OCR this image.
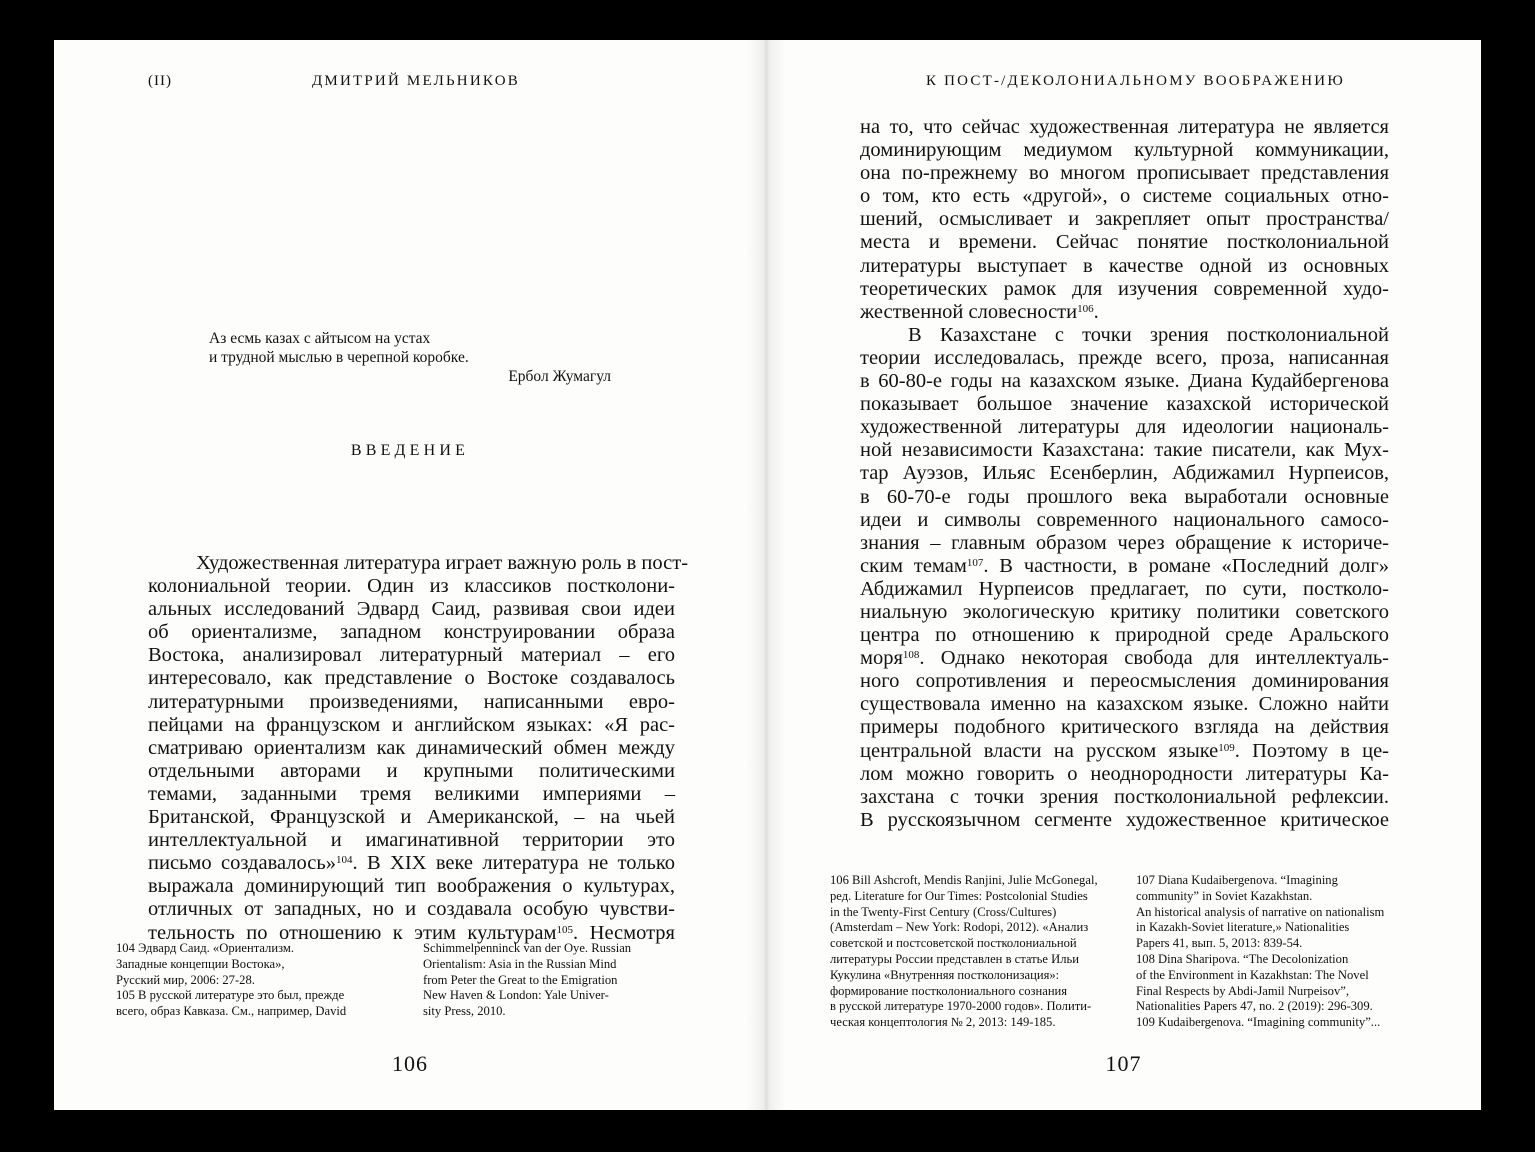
(II)	ДМИТРИЙ МЕЛЬНИКОВ
Аз есмь казах с айтысом на устах
и трудной мыслью в черепной коробке.
Ербол Жумагул
ВВЕДЕНИЕ
Художественная литература играет важную роль в пост-
колониальной теории. Один из классиков постколони-
альных исследований Эдвард Саид, развивая свои идеи
об ориентализме, западном конструировании образа
Востока, анализировал литературный материал – его
интересовало, как представление о Востоке создавалось
литературными произведениями, написанными евро-
пейцами на французском и английском языках: «Я рас-
сматриваю ориентализм как динамический обмен между
отдельными авторами и крупными политическими
темами, заданными тремя великими империями –
Британской, Французской и Американской, – на чьей
интеллектуальной и имагинативной территории это
письмо создавалось»$^{104}$. В XIX веке литература не только
выражала доминирующий тип воображения о культурах,
отличных от западных, но и создавала особую чувстви-
тельность по отношению к этим культурам$^{105}$. Несмотря
104 Эдвард Саид. «Ориентализм.
Западные концепции Востока»,
Русский мир, 2006: 27-28.
105 В русской литературе это был, прежде
всего, образ Кавказа. См., например, David
Schimmelpenninck van der Oye. Russian
Orientalism: Asia in the Russian Mind
from Peter the Great to the Emigration
New Haven & London: Yale Univer-
sity Press, 2010.
106
К ПОСТ-/ДЕКОЛОНИАЛЬНОМУ ВООБРАЖЕНИЮ
на то, что сейчас художественная литература не является
доминирующим медиумом культурной коммуникации,
она по-прежнему во многом прописывает представления
о том, кто есть «другой», о системе социальных отно-
шений, осмысливает и закрепляет опыт пространства/
места и времени. Сейчас понятие постколониальной
литературы выступает в качестве одной из основных
теоретических рамок для изучения современной худо-
жественной словесности$^{106}$.
В Казахстане с точки зрения постколониальной
теории исследовалась, прежде всего, проза, написанная
в 60-80-е годы на казахском языке. Диана Кудайбергенова
показывает большое значение казахской исторической
художественной литературы для идеологии националь-
ной независимости Казахстана: такие писатели, как Мух-
тар Ауэзов, Ильяс Есенберлин, Абдижамил Нурпеисов,
в 60-70-е годы прошлого века выработали основные
идеи и символы современного национального самосо-
знания – главным образом через обращение к историче-
ским темам$^{107}$. В частности, в романе «Последний долг»
Абдижамил Нурпеисов предлагает, по сути, постколо-
ниальную экологическую критику политики советского
центра по отношению к природной среде Аральского
моря$^{108}$. Однако некоторая свобода для интеллектуаль-
ного сопротивления и переосмысления доминирования
существовала именно на казахском языке. Сложно найти
примеры подобного критического взгляда на действия
центральной власти на русском языке$^{109}$. Поэтому в це-
лом можно говорить о неоднородности литературы Ка-
захстана с точки зрения постколониальной рефлексии.
В русскоязычном сегменте художественное критическое
106 Bill Ashcroft, Mendis Ranjini, Julie McGonegal,
ред. Literature for Our Times: Postcolonial Studies
in the Twenty-First Century (Cross/Cultures)
(Amsterdam – New York: Rodopi, 2012). «Анализ
советской и постсоветской постколониальной
литературы России представлен в статье Ильи
Кукулина «Внутренняя постколонизация»:
формирование постколониального сознания
в русской литературе 1970-2000 годов». Полити-
ческая концептология № 2, 2013: 149-185.
107 Diana Kudaibergenova. “Imagining
community” in Soviet Kazakhstan.
An historical analysis of narrative on nationalism
in Kazakh-Soviet literature,» Nationalities
Papers 41, вып. 5, 2013: 839-54.
108 Dina Sharipova. “The Decolonization
of the Environment in Kazakhstan: The Novel
Final Respects by Abdi-Jamil Nurpeisov”,
Nationalities Papers 47, no. 2 (2019): 296-309.
109 Kudaibergenova. “Imagining community”...
107
